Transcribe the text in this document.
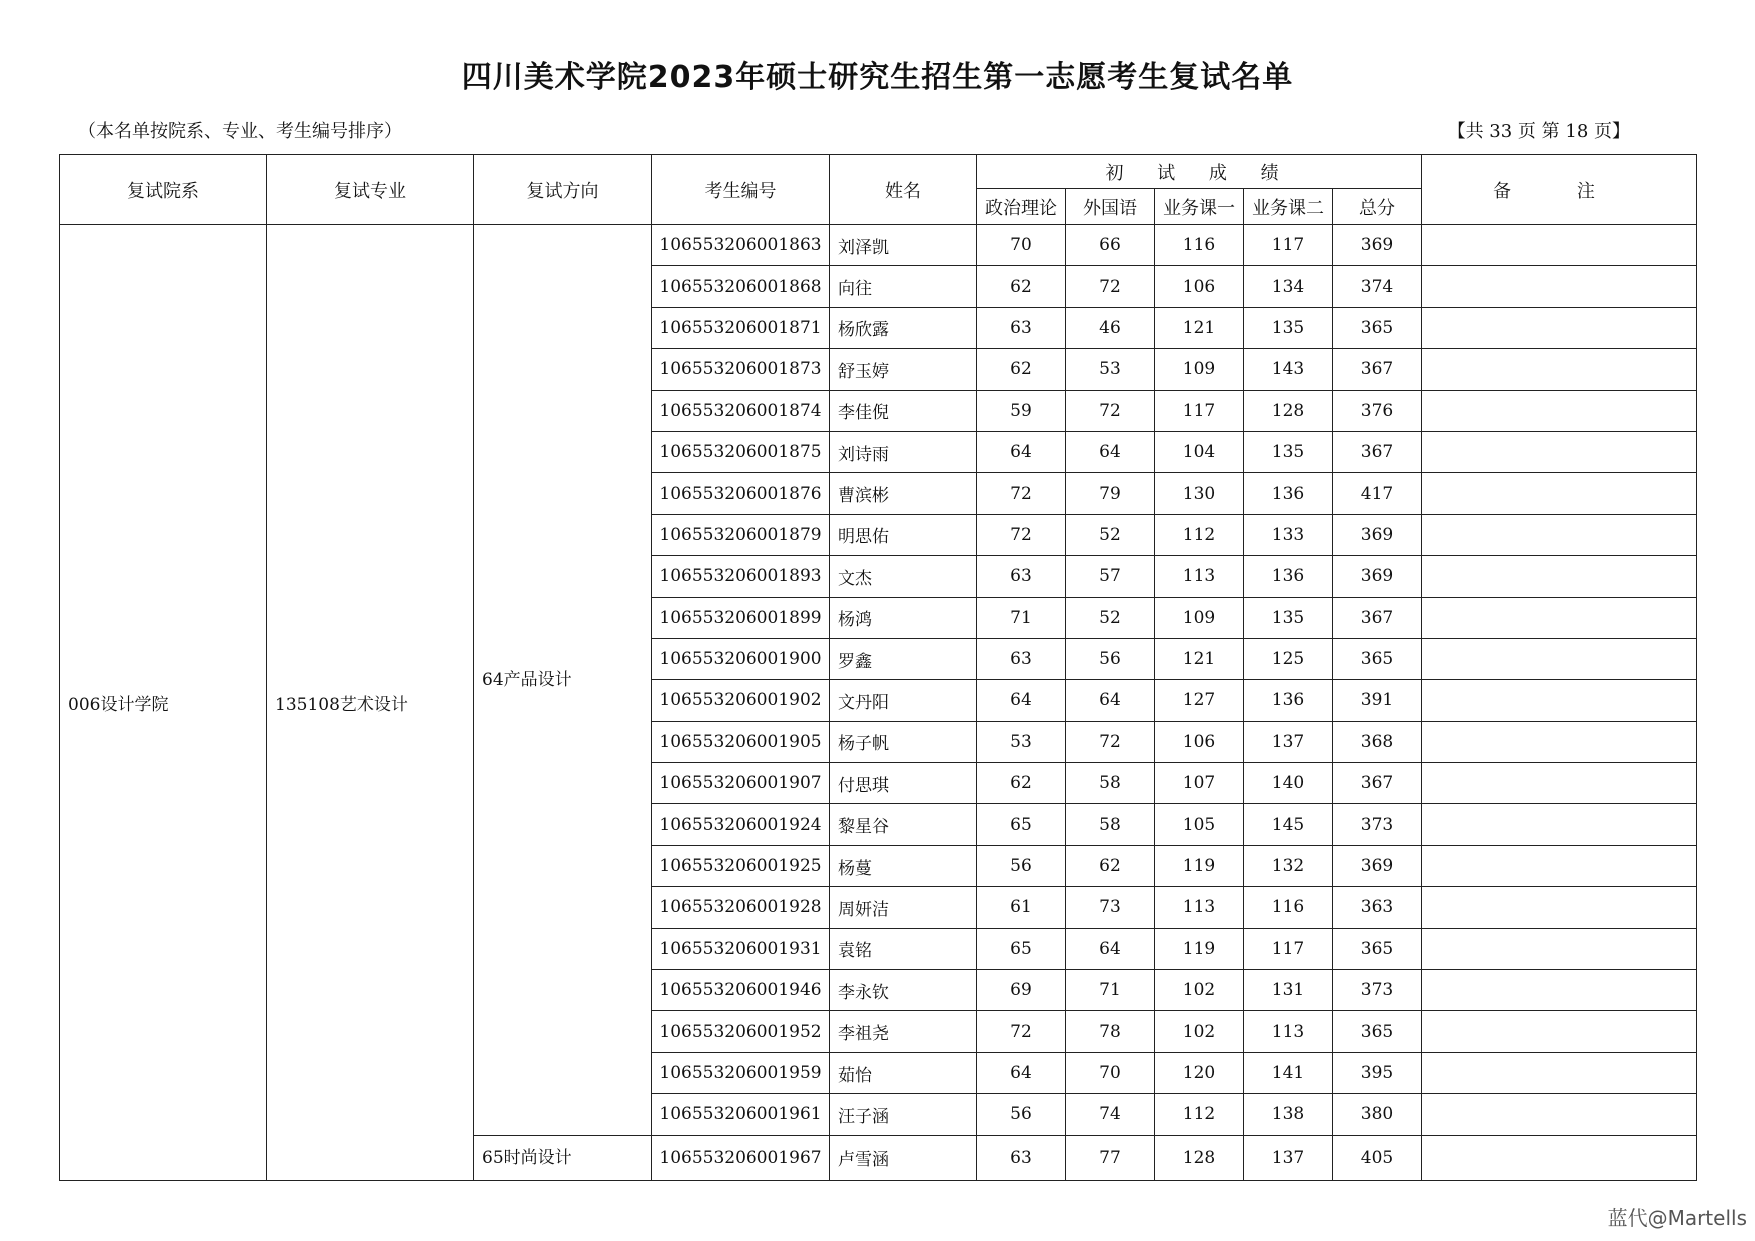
四川美术学院2023年硕士研究生招生第一志愿考生复试名单
（本名单按院系、专业、考生编号排序）	【共 33 页 第 18 页】
复试院系	复试专业	复试方向	考生编号	姓名	初 试 成 绩					备 注
					政治理论	外国语	业务课一	业务课二	总分	
006设计学院	135108艺术设计	64产品设计	106553206001863	刘泽凯	70	66	116	117	369	
			106553206001868	向往	62	72	106	134	374	
			106553206001871	杨欣露	63	46	121	135	365	
			106553206001873	舒玉婷	62	53	109	143	367	
			106553206001874	李佳倪	59	72	117	128	376	
			106553206001875	刘诗雨	64	64	104	135	367	
			106553206001876	曹滨彬	72	79	130	136	417	
			106553206001879	明思佑	72	52	112	133	369	
			106553206001893	文杰	63	57	113	136	369	
			106553206001899	杨鸿	71	52	109	135	367	
			106553206001900	罗鑫	63	56	121	125	365	
			106553206001902	文丹阳	64	64	127	136	391	
			106553206001905	杨子帆	53	72	106	137	368	
			106553206001907	付思琪	62	58	107	140	367	
			106553206001924	黎星谷	65	58	105	145	373	
			106553206001925	杨蔓	56	62	119	132	369	
			106553206001928	周妍洁	61	73	113	116	363	
			106553206001931	袁铭	65	64	119	117	365	
			106553206001946	李永钦	69	71	102	131	373	
			106553206001952	李祖尧	72	78	102	113	365	
			106553206001959	茹怡	64	70	120	141	395	
			106553206001961	汪子涵	56	74	112	138	380	
		65时尚设计	106553206001967	卢雪涵	63	77	128	137	405	
蓝代@Martells
